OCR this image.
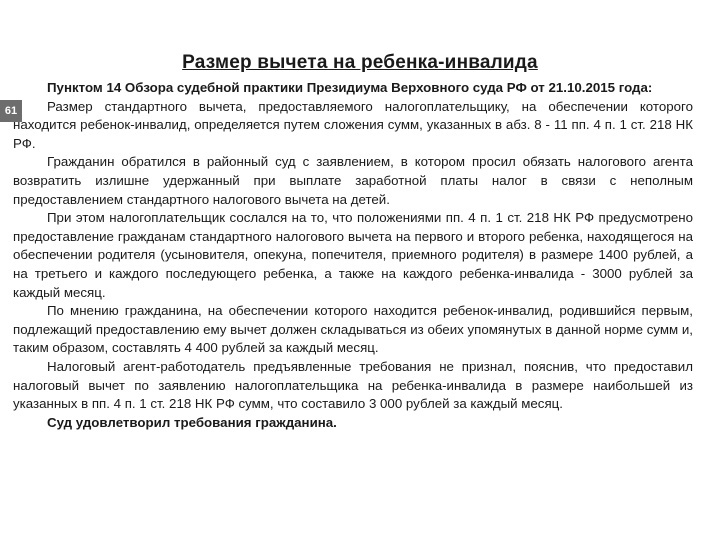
61
Размер вычета на ребенка-инвалида

Пунктом 14 Обзора судебной практики Президиума Верховного суда РФ от 21.10.2015 года:

Размер стандартного вычета, предоставляемого налогоплательщику, на обеспечении которого находится ребенок-инвалид, определяется путем сложения сумм, указанных в абз. 8 - 11 пп. 4 п. 1 ст. 218 НК РФ.

Гражданин обратился в районный суд с заявлением, в котором просил обязать налогового агента возвратить излишне удержанный при выплате заработной платы налог в связи с неполным предоставлением стандартного налогового вычета на детей.

При этом налогоплательщик сослался на то, что положениями пп. 4 п. 1 ст. 218 НК РФ предусмотрено предоставление гражданам стандартного налогового вычета на первого и второго ребенка, находящегося на обеспечении родителя (усыновителя, опекуна, попечителя, приемного родителя) в размере 1400 рублей, а на третьего и каждого последующего ребенка, а также на каждого ребенка-инвалида - 3000 рублей за каждый месяц.

По мнению гражданина, на обеспечении которого находится ребенок-инвалид, родившийся первым, подлежащий предоставлению ему вычет должен складываться из обеих упомянутых в данной норме сумм и, таким образом, составлять 4 400 рублей за каждый месяц.

Налоговый агент-работодатель предъявленные требования не признал, пояснив, что предоставил налоговый вычет по заявлению налогоплательщика на ребенка-инвалида в размере наибольшей из указанных в пп. 4 п. 1 ст. 218 НК РФ сумм, что составило 3 000 рублей за каждый месяц.

Суд удовлетворил требования гражданина.
